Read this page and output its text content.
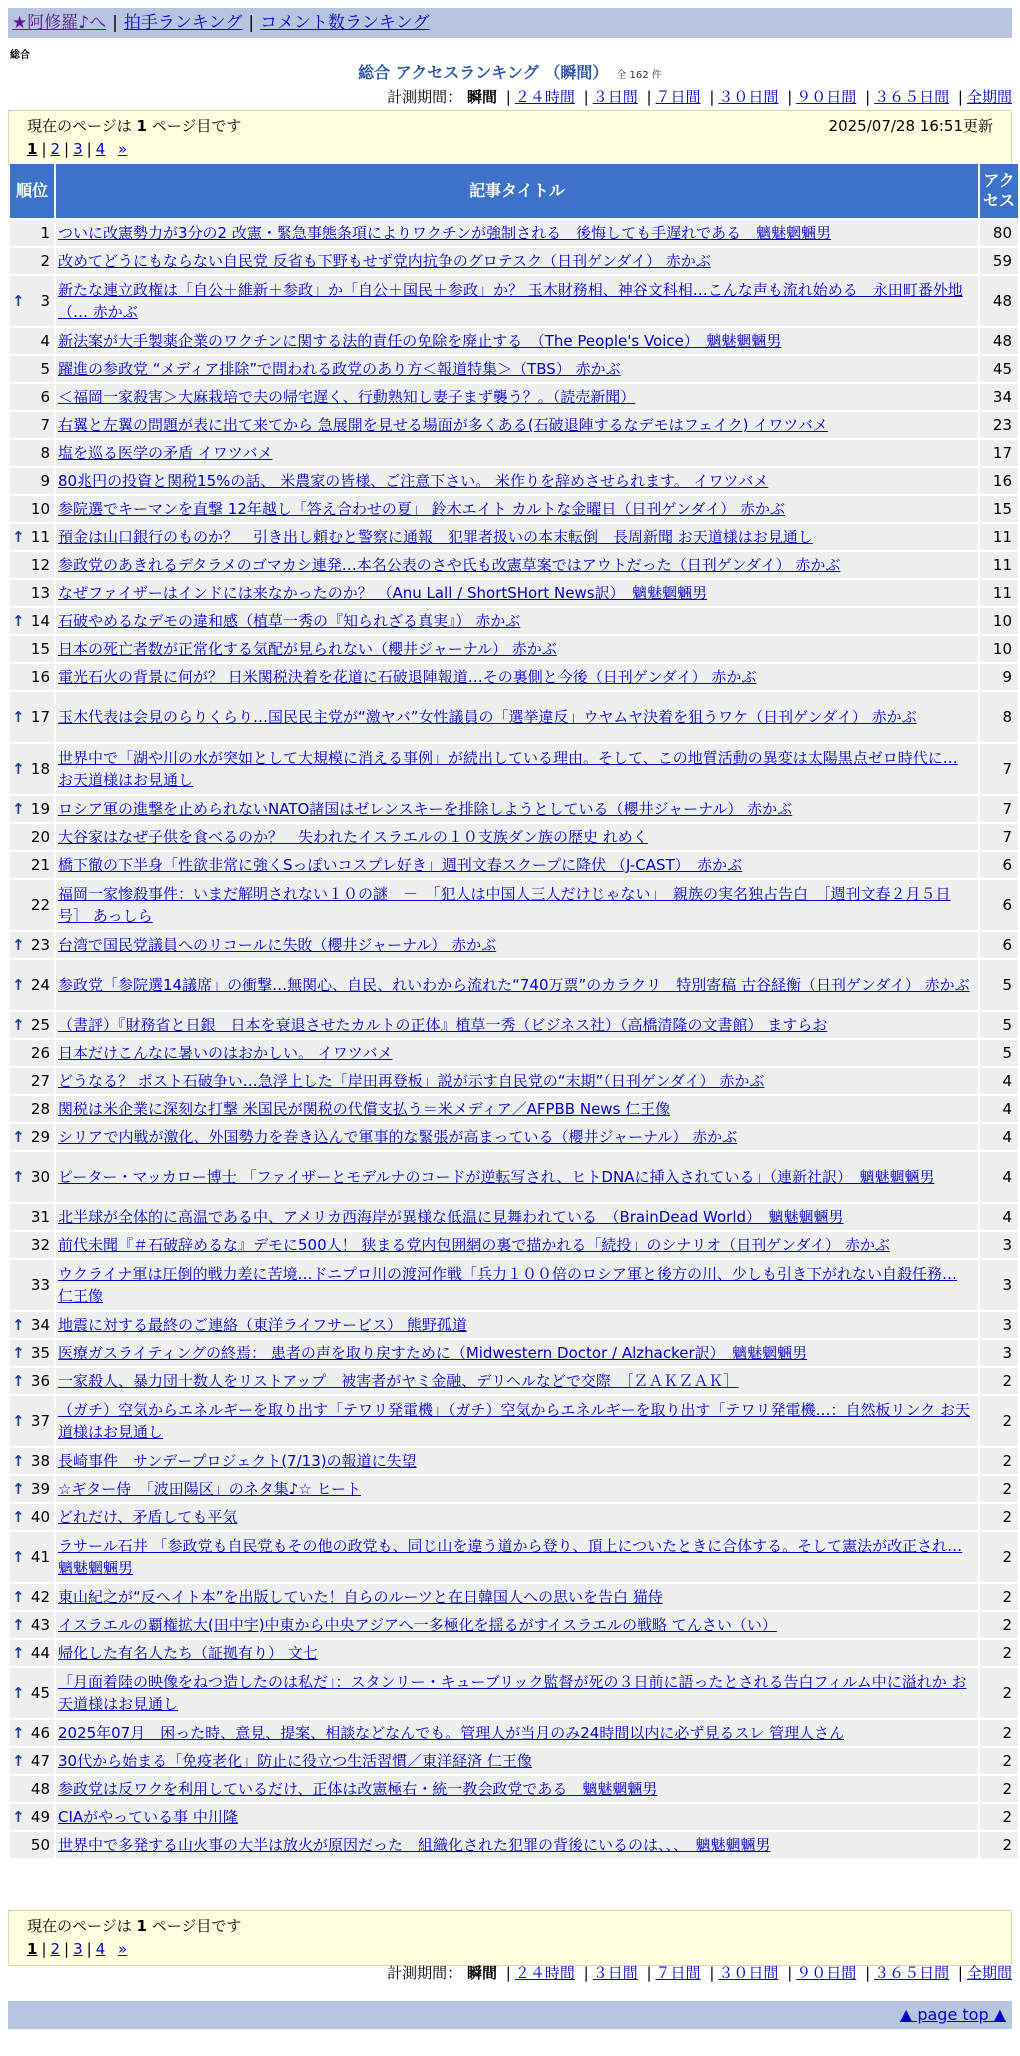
★阿修羅♪へ | 拍手ランキング | コメント数ランキング
総合
総合 アクセスランキング （瞬間） 全 162 件
計測期間： 瞬間 | ２４時間 | ３日間 | ７日間 | ３０日間 | ９０日間 | ３６５日間 | 全期間
現在のページは 1 ページ目です	2025/07/28 16:51更新
1 | 2 | 3 | 4 »
順位	記事タイトル	アクセス
1	ついに改憲勢力が3分の2 改憲・緊急事態条項によりワクチンが強制される　後悔しても手遅れである　魑魅魍魎男	80
2	改めてどうにもならない自民党 反省も下野もせず党内抗争のグロテスク（日刊ゲンダイ） 赤かぶ	59

↑ 3	新たな連立政権は「自公＋維新＋参政」か「自公＋国民＋参政」か？ 玉木財務相、神谷文科相…こんな声も流れ始める　永田町番外地（… 赤かぶ	48
4	新法案が大手製薬企業のワクチンに関する法的責任の免除を廃止する　（The People's Voice）　魑魅魍魎男	48
5	躍進の参政党 “メディア排除”で問われる政党のあり方＜報道特集＞（TBS） 赤かぶ	45
6	＜福岡一家殺害＞大麻栽培で夫の帰宅遅く、行動熟知し妻子まず襲う？。（読売新聞）	34
7	右翼と左翼の問題が表に出て来てから 急展開を見せる場面が多くある(石破退陣するなデモはフェイク) イワツバメ	23
8	塩を巡る医学の矛盾 イワツバメ	17
9	80兆円の投資と関税15%の話、 米農家の皆様、ご注意下さい。 米作りを辞めさせられます。 イワツバメ	16
10	参院選でキーマンを直撃 12年越し「答え合わせの夏」 鈴木エイト カルトな金曜日（日刊ゲンダイ） 赤かぶ	15

↑ 11	預金は山口銀行のものか？　引き出し頼むと警察に通報　犯罪者扱いの本末転倒　長周新聞 お天道様はお見通し	11
12	参政党のあきれるデタラメのゴマカシ連発…本名公表のさや氏も改憲草案ではアウトだった（日刊ゲンダイ） 赤かぶ	11
13	なぜファイザーはインドには来なかったのか？ （Anu Lall / ShortSHort News訳）　魑魅魍魎男	11

↑ 14	石破やめるなデモの違和感（植草一秀の『知られざる真実』） 赤かぶ	10
15	日本の死亡者数が正常化する気配が見られない（櫻井ジャーナル） 赤かぶ	10
16	電光石火の背景に何が？ 日米関税決着を花道に石破退陣報道…その裏側と今後（日刊ゲンダイ） 赤かぶ	9

↑ 17	玉木代表は会見のらりくらり…国民民主党が“激ヤバ”女性議員の「選挙違反」ウヤムヤ決着を狙うワケ（日刊ゲンダイ） 赤かぶ	8

↑ 18	世界中で「湖や川の水が突如として大規模に消える事例」が続出している理由。そして、この地質活動の異変は太陽黒点ゼロ時代に… お天道様はお見通し	7

↑ 19	ロシア軍の進撃を止められないNATO諸国はゼレンスキーを排除しようとしている（櫻井ジャーナル） 赤かぶ	7
20	大谷家はなぜ子供を食べるのか？　失われたイスラエルの１０支族ダン族の歴史 れめく	7
21	橋下徹の下半身「性欲非常に強くSっぽいコスプレ好き」週刊文春スクープに降伏 （J-CAST）　赤かぶ	6
22	福岡一家惨殺事件：いまだ解明されない１０の謎　－　「犯人は中国人三人だけじゃない」　親族の実名独占告白　［週刊文春２月５日号］ あっしら	6

↑ 23	台湾で国民党議員へのリコールに失敗（櫻井ジャーナル） 赤かぶ	6

↑ 24	参政党「参院選14議席」の衝撃…無関心、自民、れいわから流れた“740万票”のカラクリ　特別寄稿 古谷経衡（日刊ゲンダイ） 赤かぶ	5

↑ 25	（書評）『財務省と日銀　日本を衰退させたカルトの正体』植草一秀（ビジネス社）（高橋清隆の文書館） ますらお	5
26	日本だけこんなに暑いのはおかしい。 イワツバメ	5
27	どうなる？ ポスト石破争い…急浮上した「岸田再登板」説が示す自民党の“末期”（日刊ゲンダイ） 赤かぶ	4
28	関税は米企業に深刻な打撃 米国民が関税の代償支払う＝米メディア／AFPBB News 仁王像	4

↑ 29	シリアで内戦が激化、外国勢力を巻き込んで軍事的な緊張が高まっている（櫻井ジャーナル） 赤かぶ	4

↑ 30	ピーター・マッカロー博士 「ファイザーとモデルナのコードが逆転写され、ヒトDNAに挿入されている」（連新社訳）　魑魅魍魎男	4
31	北半球が全体的に高温である中、アメリカ西海岸が異様な低温に見舞われている　（BrainDead World）　魑魅魍魎男	4
32	前代未聞『＃石破辞めるな』デモに500人！ 狭まる党内包囲網の裏で描かれる「続投」のシナリオ（日刊ゲンダイ） 赤かぶ	3
33	ウクライナ軍は圧倒的戦力差に苦境…ドニプロ川の渡河作戦「兵力１００倍のロシア軍と後方の川、少しも引き下がれない自殺任務… 仁王像	3

↑ 34	地震に対する最終のご連絡（東洋ライフサービス） 熊野孤道	3

↑ 35	医療ガスライティングの終焉： 患者の声を取り戻すために（Midwestern Doctor / Alzhacker訳）　魑魅魍魎男	3

↑ 36	一家殺人、暴力団十数人をリストアップ　被害者がヤミ金融、デリヘルなどで交際　［ＺＡＫＺＡＫ］	2

↑ 37	（ガチ）空気からエネルギーを取り出す「テワリ発電機」（ガチ）空気からエネルギーを取り出す「テワリ発電機…：自然板リンク お天道様はお見通し	2

↑ 38	長崎事件　サンデープロジェクト(7/13)の報道に失望	2

↑ 39	☆ギター侍　「波田陽区」のネタ集♪☆ ヒート	2

↑ 40	どれだけ、矛盾しても平気	2

↑ 41	ラサール石井 「参政党も自民党もその他の政党も、同じ山を違う道から登り、頂上についたときに合体する。そして憲法が改正され… 魑魅魍魎男	2

↑ 42	東山紀之が“反ヘイト本”を出版していた！自らのルーツと在日韓国人への思いを告白 猫侍	2

↑ 43	イスラエルの覇権拡大(田中宇)中東から中央アジアへ一多極化を揺るがすイスラエルの戦略 てんさい（い）	2

↑ 44	帰化した有名人たち（証拠有り） 文七	2

↑ 45	「月面着陸の映像をねつ造したのは私だ」：スタンリー・キューブリック監督が死の３日前に語ったとされる告白フィルム中に溢れか お天道様はお見通し	2

↑ 46	2025年07月　困った時、意見、提案、相談などなんでも。管理人が当月のみ24時間以内に必ず見るスレ 管理人さん	2

↑ 47	30代から始まる「免疫老化」防止に役立つ生活習慣／東洋経済 仁王像	2
48	参政党は反ワクを利用しているだけ、正体は改憲極右・統一教会政党である　魑魅魍魎男	2

↑ 49	CIAがやっている事 中川隆	2
50	世界中で多発する山火事の大半は放火が原因だった　組織化された犯罪の背後にいるのは、、、　魑魅魍魎男	2
現在のページは 1 ページ目です
1 | 2 | 3 | 4 »
計測期間： 瞬間 | ２４時間 | ３日間 | ７日間 | ３０日間 | ９０日間 | ３６５日間 | 全期間
▲ page top ▲
